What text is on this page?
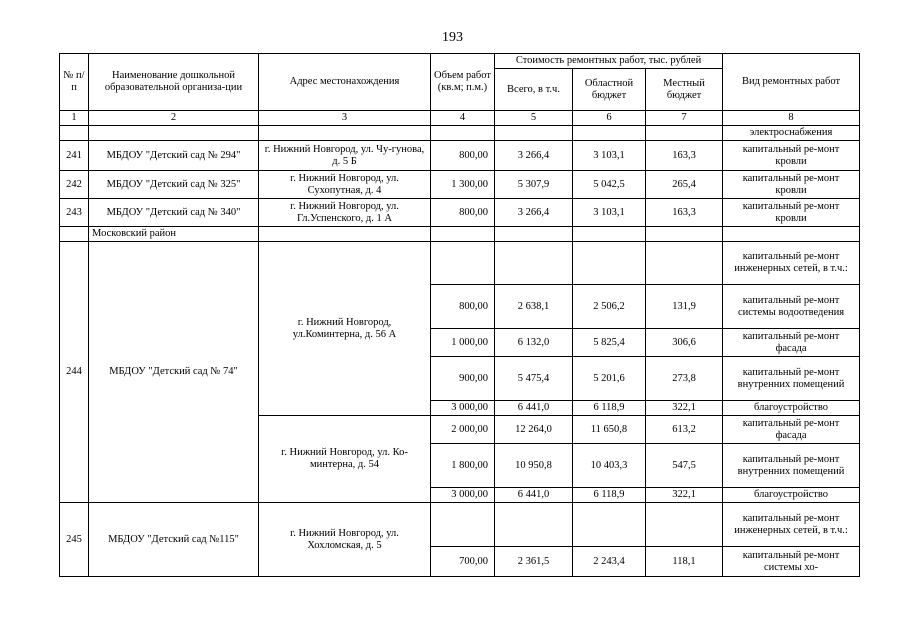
193
№ п/п	Наименование дошкольной образовательной организа-ции	Адрес местонахождения	Объем работ (кв.м; п.м.)	Стоимость ремонтных работ, тыс. рублей			Вид ремонтных работ
				Всего, в т.ч.	Областной бюджет	Местный бюджет	
1	2	3	4	5	6	7	8
							электроснабжения
241	МБДОУ "Детский сад № 294"	г. Нижний Новгород, ул. Чу-гунова, д. 5 Б	800,00	3 266,4	3 103,1	163,3	капитальный ре-монт кровли
242	МБДОУ "Детский сад № 325"	г. Нижний Новгород, ул. Сухопутная, д. 4	1 300,00	5 307,9	5 042,5	265,4	капитальный ре-монт кровли
243	МБДОУ "Детский сад № 340"	г. Нижний Новгород, ул. Гл.Успенского, д. 1 А	800,00	3 266,4	3 103,1	163,3	капитальный ре-монт кровли
	Московский район						
244	МБДОУ "Детский сад № 74"	г. Нижний Новгород, ул.Коминтерна, д. 56 А					капитальный ре-монт инженерных сетей, в т.ч.:
			800,00	2 638,1	2 506,2	131,9	капитальный ре-монт системы водоотведения
			1 000,00	6 132,0	5 825,4	306,6	капитальный ре-монт фасада
			900,00	5 475,4	5 201,6	273,8	капитальный ре-монт внутренних помещений
			3 000,00	6 441,0	6 118,9	322,1	благоустройство
		г. Нижний Новгород, ул. Ко-минтерна, д. 54	2 000,00	12 264,0	11 650,8	613,2	капитальный ре-монт фасада
			1 800,00	10 950,8	10 403,3	547,5	капитальный ре-монт внутренних помещений
			3 000,00	6 441,0	6 118,9	322,1	благоустройство
245	МБДОУ "Детский сад №115"	г. Нижний Новгород, ул. Хохломская, д. 5					капитальный ре-монт инженерных сетей, в т.ч.:
			700,00	2 361,5	2 243,4	118,1	капитальный ре-монт системы хо-
